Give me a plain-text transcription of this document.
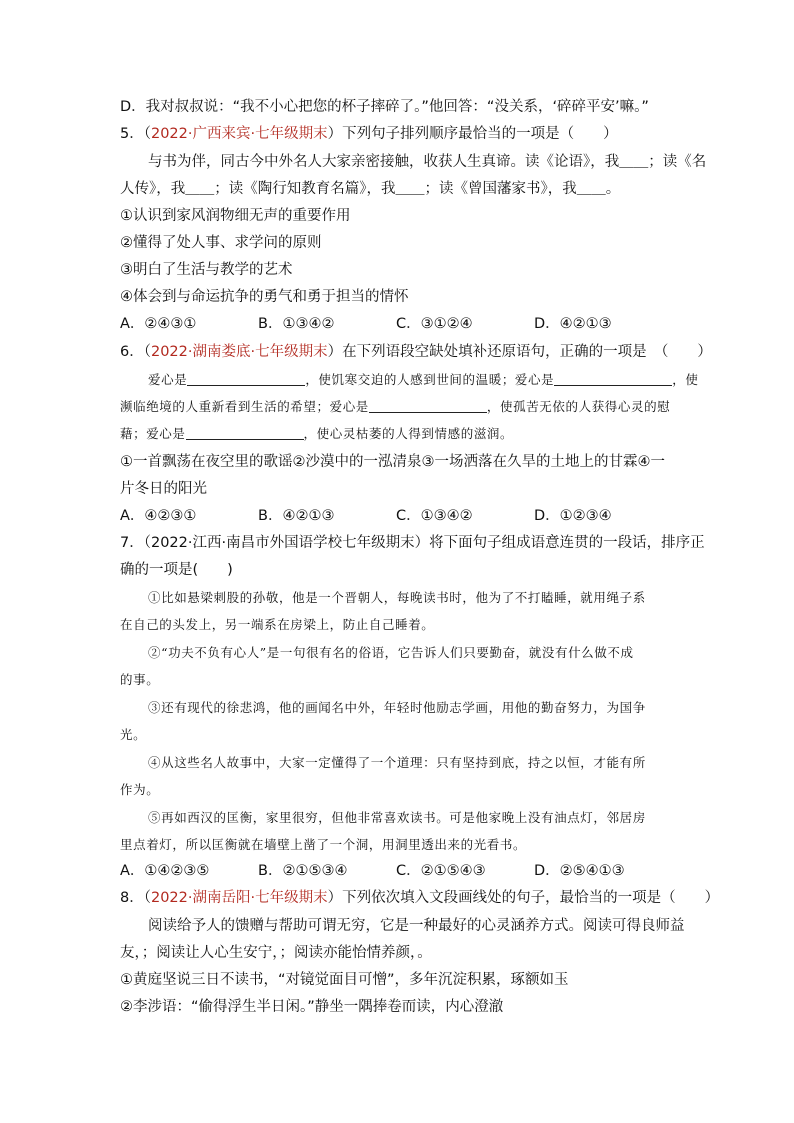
D．我对叔叔说：“我不小心把您的杯子摔碎了。”他回答：“没关系，‘碎碎平安’嘛。”
5．（2022·广西来宾·七年级期末）下列句子排列顺序最恰当的一项是（　　）
与书为伴，同古今中外名人大家亲密接触，收获人生真谛。读《论语》，我＿＿；读《名
人传》，我＿＿；读《陶行知教育名篇》，我＿＿；读《曾国藩家书》，我＿＿。
①认识到家风润物细无声的重要作用
②懂得了处人事、求学问的原则
③明白了生活与教学的艺术
④体会到与命运抗争的勇气和勇于担当的情怀
A．②④③①	B．①③④②	C．③①②④	D．④②①③
6．（2022·湖南娄底·七年级期末）在下列语段空缺处填补还原语句，正确的一项是　（　　）
爱心是	，使饥寒交迫的人感到世间的温暖；爱心是	，使
濒临绝境的人重新看到生活的希望；爱心是	，使孤苦无依的人获得心灵的慰
藉；爱心是	，使心灵枯萎的人得到情感的滋润。
①一首飘荡在夜空里的歌谣②沙漠中的一泓清泉③一场洒落在久旱的土地上的甘霖④一
片冬日的阳光
A．④②③①	B．④②①③	C．①③④②	D．①②③④
7．（2022·江西·南昌市外国语学校七年级期末）将下面句子组成语意连贯的一段话，排序正
确的一项是(　　)
①比如悬梁刺股的孙敬，他是一个晋朝人，每晚读书时，他为了不打瞌睡，就用绳子系
在自己的头发上，另一端系在房梁上，防止自己睡着。
②“功夫不负有心人”是一句很有名的俗语，它告诉人们只要勤奋，就没有什么做不成
的事。
③还有现代的徐悲鸿，他的画闻名中外，年轻时他励志学画，用他的勤奋努力，为国争
光。
④从这些名人故事中，大家一定懂得了一个道理：只有坚持到底，持之以恒，才能有所
作为。
⑤再如西汉的匡衡，家里很穷，但他非常喜欢读书。可是他家晚上没有油点灯，邻居房
里点着灯，所以匡衡就在墙壁上凿了一个洞，用洞里透出来的光看书。
A．①④②③⑤	B．②①⑤③④	C．②①⑤④③	D．②⑤④①③
8．（2022·湖南岳阳·七年级期末）下列依次填入文段画线处的句子，最恰当的一项是（　　）
阅读给予人的馈赠与帮助可谓无穷，它是一种最好的心灵涵养方式。阅读可得良师益
友，；阅读让人心生安宁，；阅读亦能怡情养颜，。
①黄庭坚说三日不读书，“对镜觉面目可憎”，多年沉淀积累，琢额如玉
②李涉语：“偷得浮生半日闲。”静坐一隅捧卷而读，内心澄澈
